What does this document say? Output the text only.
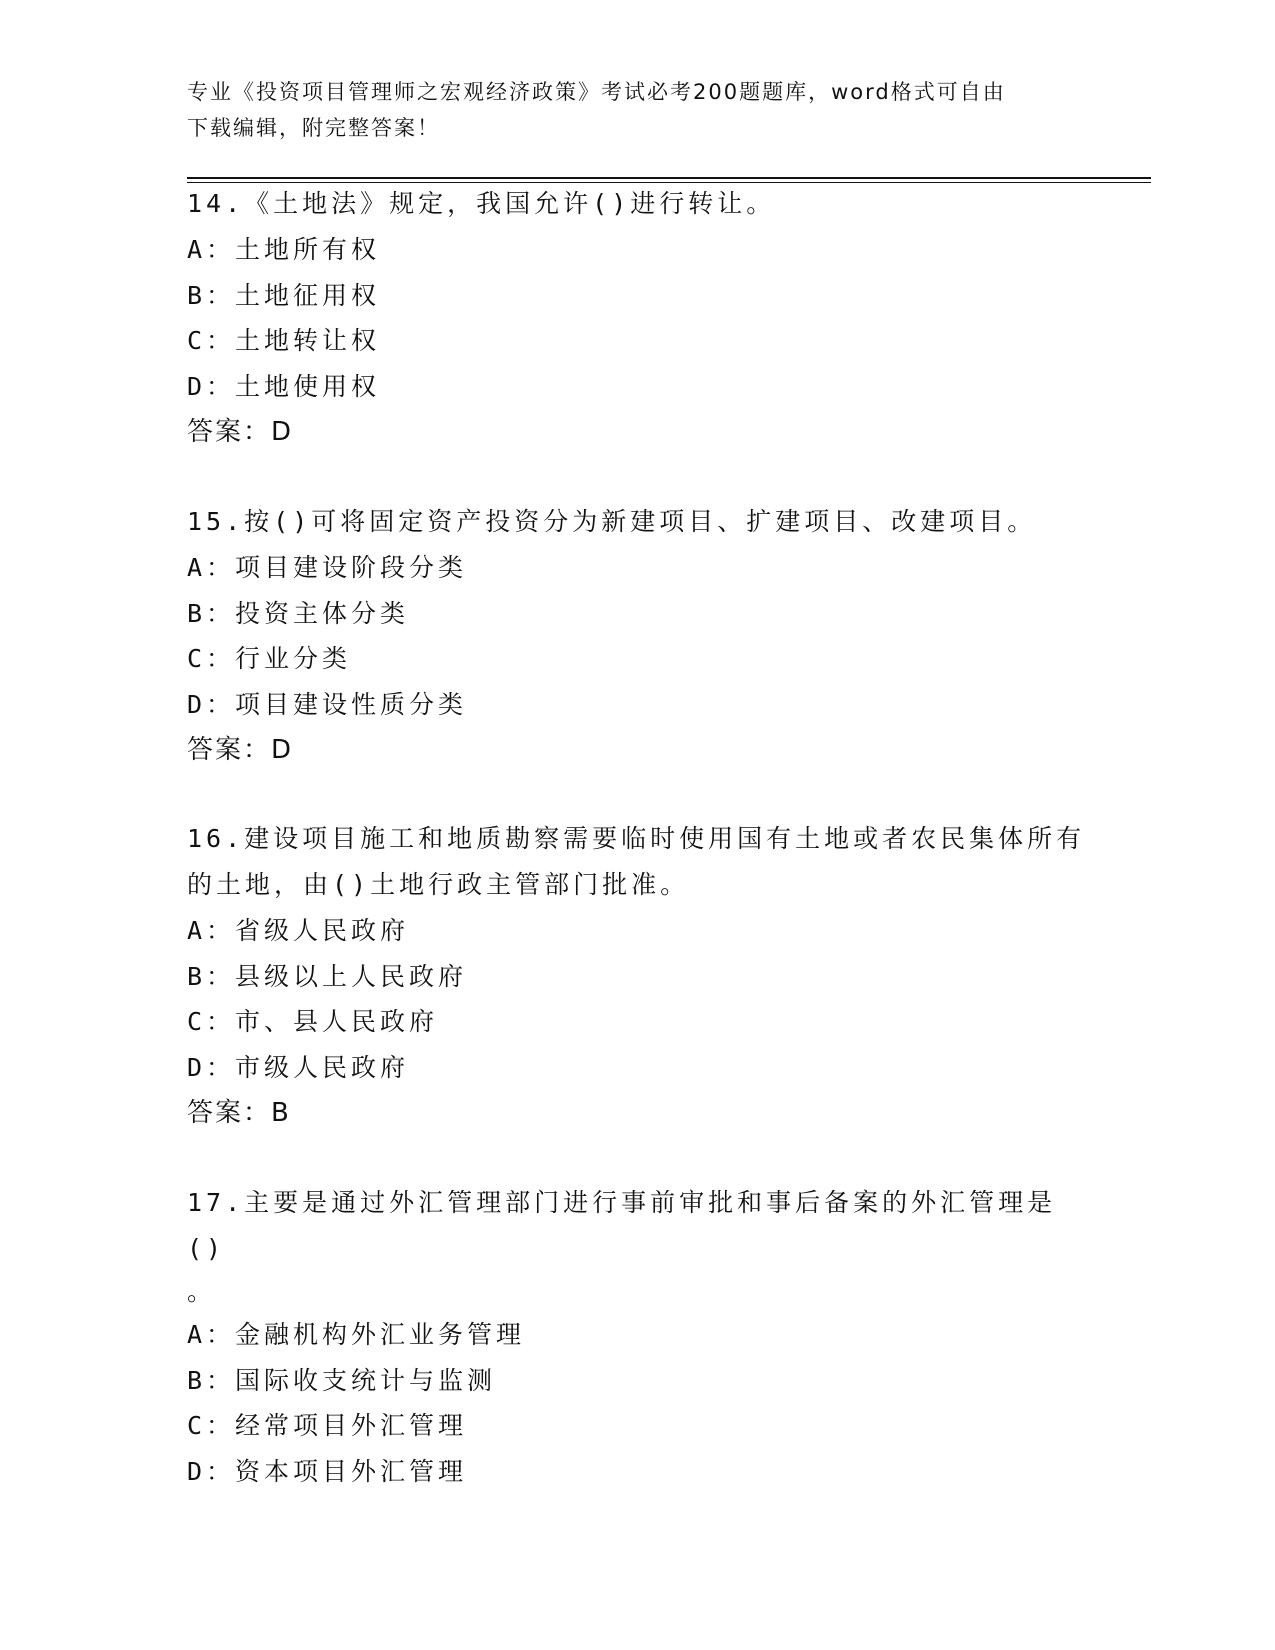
专业《投资项目管理师之宏观经济政策》考试必考200题题库，word格式可自由
下载编辑，附完整答案！

14.《土地法》规定，我国允许()进行转让。

A：土地所有权

B：土地征用权

C：土地转让权

D：土地使用权

答案：D

15.按()可将固定资产投资分为新建项目、扩建项目、改建项目。

A：项目建设阶段分类

B：投资主体分类

C：行业分类

D：项目建设性质分类

答案：D

16.建设项目施工和地质勘察需要临时使用国有土地或者农民集体所有

的土地，由()土地行政主管部门批准。

A：省级人民政府

B：县级以上人民政府

C：市、县人民政府

D：市级人民政府

答案：B

17.主要是通过外汇管理部门进行事前审批和事后备案的外汇管理是()

。

A：金融机构外汇业务管理

B：国际收支统计与监测

C：经常项目外汇管理

D：资本项目外汇管理
